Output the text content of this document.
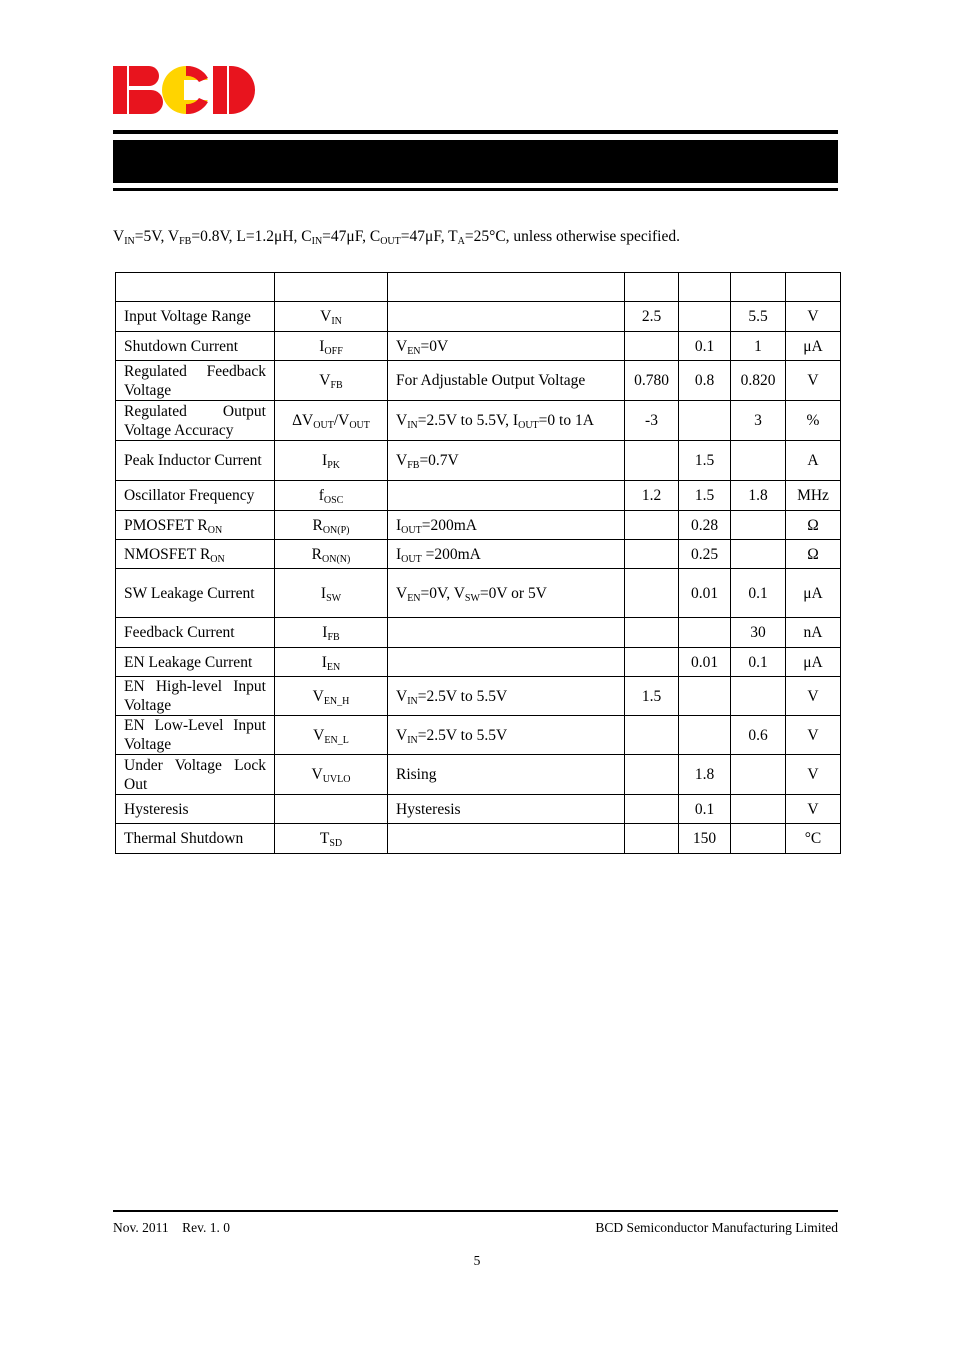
$V_{IN}=5V$, $V_{FB}=0.8V$, L=1.2μH, $C_{IN}=47\mu F$, $C_{OUT}=47\mu F$, $T_A=25^\circ C$, unless otherwise specified.

Input Voltage Range	$V_{IN}$		2.5		5.5	V
Shutdown Current	$I_{OFF}$	$V_{EN}=0V$		0.1	1	μA
Regulated Feedback Voltage	$V_{FB}$	For Adjustable Output Voltage	0.780	0.8	0.820	V
Regulated Output Voltage Accuracy	$\Delta V_{OUT}/V_{OUT}$	$V_{IN}=2.5V$ to 5.5V, $I_{OUT}=0$ to 1A	-3		3	%
Peak Inductor Current	$I_{PK}$	$V_{FB}=0.7V$		1.5		A
Oscillator Frequency	$f_{OSC}$		1.2	1.5	1.8	MHz
PMOSFET $R_{ON}$	$R_{ON(P)}$	$I_{OUT}=200mA$		0.28		Ω
NMOSFET $R_{ON}$	$R_{ON(N)}$	$I_{OUT} =200mA$		0.25		Ω
SW Leakage Current	$I_{SW}$	$V_{EN}=0V$, $V_{SW}=0V$ or 5V		0.01	0.1	μA
Feedback Current	$I_{FB}$				30	nA
EN Leakage Current	$I_{EN}$			0.01	0.1	μA
EN High-level Input Voltage	$V_{EN\_H}$	$V_{IN}=2.5V$ to 5.5V	1.5			V
EN Low-Level Input Voltage	$V_{EN\_L}$	$V_{IN}=2.5V$ to 5.5V			0.6	V
Under Voltage Lock Out	$V_{UVLO}$	Rising		1.8		V
Hysteresis		Hysteresis		0.1		V
Thermal Shutdown	$T_{SD}$			150		°C
Nov. 2011    Rev. 1. 0	BCD Semiconductor Manufacturing Limited
5
